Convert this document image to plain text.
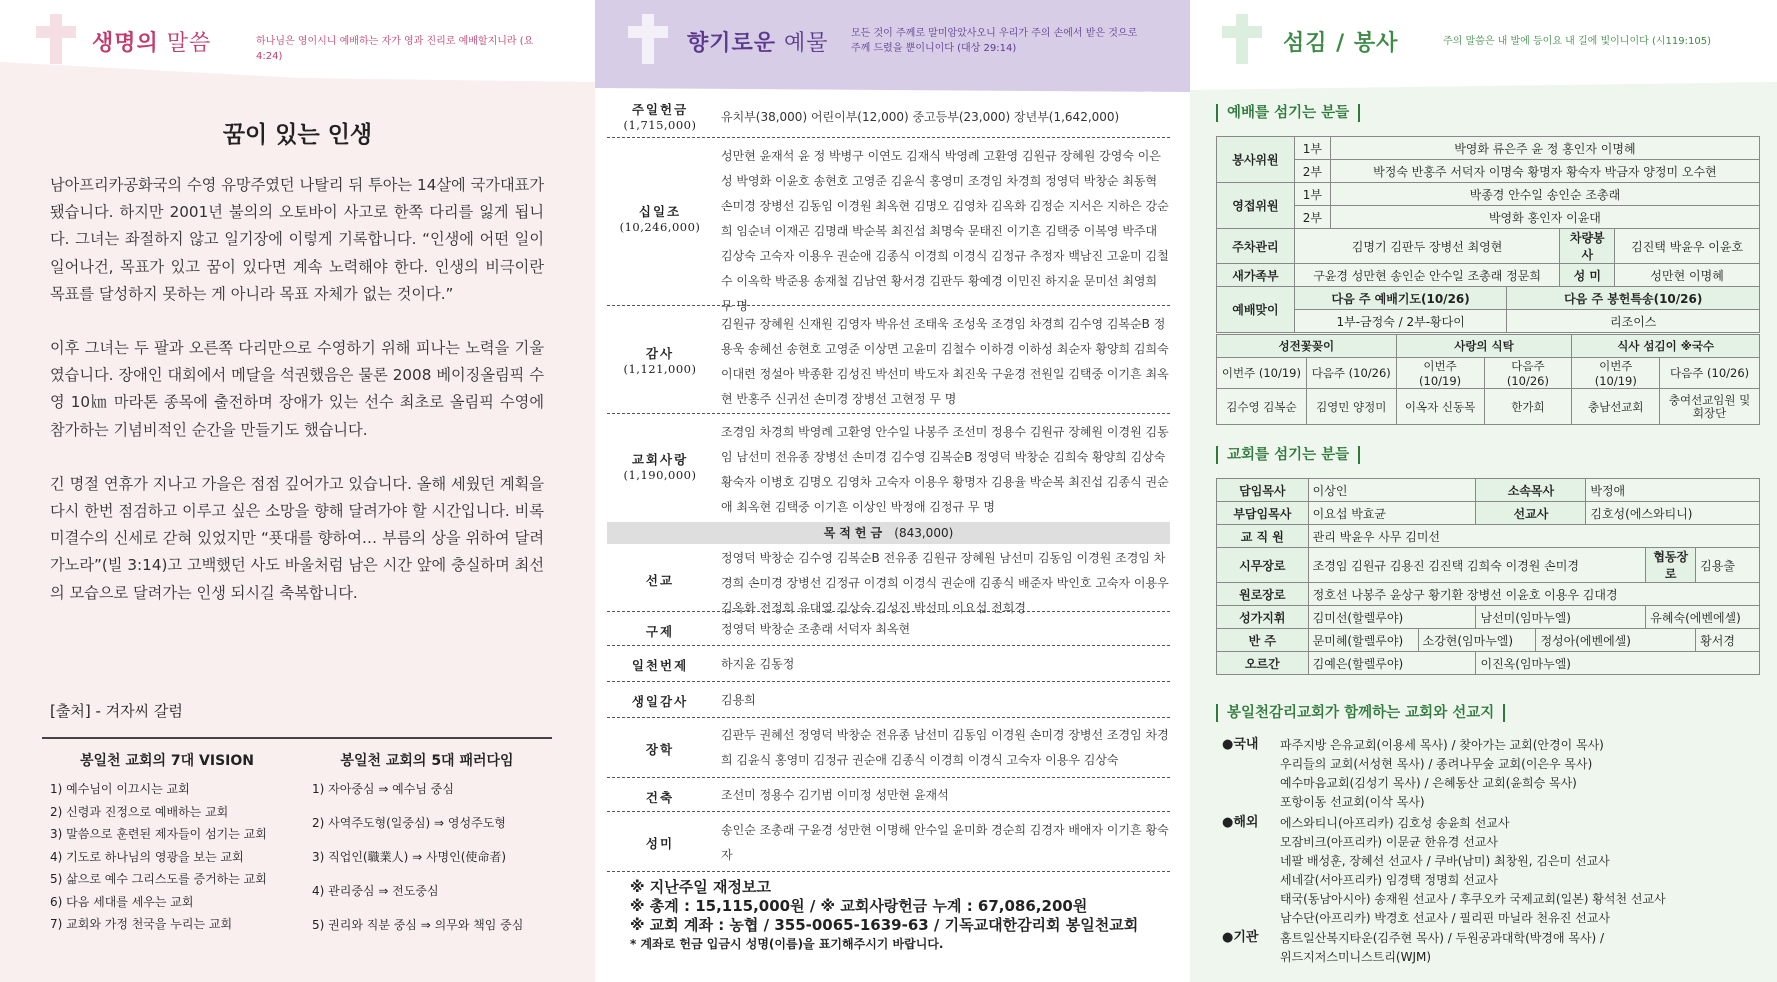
생명의 말씀	하나님은 영이시니 예배하는 자가 영과 진리로 예배할지니라 (요 4:24)
꿈이 있는 인생

남아프리카공화국의 수영 유망주였던 나탈리 뒤 투아는 14살에 국가대표가 됐습니다. 하지만 2001년 불의의 오토바이 사고로 한쪽 다리를 잃게 됩니다. 그녀는 좌절하지 않고 일기장에 이렇게 기록합니다. “인생에 어떤 일이 일어나건, 목표가 있고 꿈이 있다면 계속 노력해야 한다. 인생의 비극이란 목표를 달성하지 못하는 게 아니라 목표 자체가 없는 것이다.”

이후 그녀는 두 팔과 오른쪽 다리만으로 수영하기 위해 피나는 노력을 기울였습니다. 장애인 대회에서 메달을 석권했음은 물론 2008 베이징올림픽 수영 10㎞ 마라톤 종목에 출전하며 장애가 있는 선수 최초로 올림픽 수영에 참가하는 기념비적인 순간을 만들기도 했습니다.

긴 명절 연휴가 지나고 가을은 점점 깊어가고 있습니다. 올해 세웠던 계획을 다시 한번 점검하고 이루고 싶은 소망을 향해 달려가야 할 시간입니다. 비록 미결수의 신세로 갇혀 있었지만 “푯대를 향하여… 부름의 상을 위하여 달려가노라”(빌 3:14)고 고백했던 사도 바울처럼 남은 시간 앞에 충실하며 최선의 모습으로 달려가는 인생 되시길 축복합니다.

[출처] - 겨자씨 갈럼
봉일천 교회의 7대 VISION
1) 예수님이 이끄시는 교회
2) 신령과 진정으로 예배하는 교회
3) 말씀으로 훈련된 제자들이 섬기는 교회
4) 기도로 하나님의 영광을 보는 교회
5) 삶으로 예수 그리스도를 증거하는 교회
6) 다음 세대를 세우는 교회
7) 교회와 가정 천국을 누리는 교회
봉일천 교회의 5대 패러다임
1) 자아중심 ⇒ 예수님 중심
2) 사역주도형(일중심) ⇒ 영성주도형
3) 직업인(職業人) ⇒ 사명인(使命者)
4) 관리중심 ⇒ 전도중심
5) 권리와 직분 중심 ⇒ 의무와 책임 중심
향기로운 예물 모든 것이 주께로 말미암았사오니 우리가 주의 손에서 받은 것으로 주께 드렸을 뿐이니이다 (대상 29:14)
주일헌금
(1,715,000)
유치부(38,000) 어린이부(12,000) 중고등부(23,000) 장년부(1,642,000)
십일조
(10,246,000)
성만현 윤재석 윤 정 박병구 이연도 김재식 박영례 고환영 김원규 장혜원 강영숙 이은성 박영화 이윤호 송현호 고영준 김윤식 홍영미 조경임 차경희 정영덕 박창순 최동혁 손미경 장병선 김동임 이경원 최옥현 김명오 김영차 김옥화 김정순 지서은 지하은 강순희 임순녀 이재곤 김명래 박순복 최진섭 최명숙 문태진 이기흔 김택중 이복영 박주대 김상숙 고숙자 이용우 권순애 김종식 이경희 이경식 김정규 추정자 백남진 고윤미 김철수 이옥학 박준용 송재철 김남연 황서경 김판두 황예경 이민진 하지윤 문미선 최영희 무 명
감사
(1,121,000)
김원규 장혜원 신재원 김영자 박유선 조태욱 조성욱 조경임 차경희 김수영 김복순B 정용욱 송혜선 송현호 고영준 이상면 고윤미 김철수 이하경 이하성 최순자 황양희 김희숙 이대련 정설아 박종환 김성진 박선미 박도자 최진욱 구윤경 전원일 김택중 이기흔 최옥현 반홍주 신귀선 손미경 장병선 고현정 무 명
교회사랑
(1,190,000)
조경임 차경희 박영례 고환영 안수일 나봉주 조선미 정용수 김원규 장혜원 이경원 김동임 남선미 전유종 장병선 손미경 김수영 김복순B 정영덕 박창순 김희숙 황양희 김상숙 황숙자 이병호 김명오 김영차 고숙자 이용우 황명자 김용율 박순복 최진섭 김종식 권순애 최옥현 김택중 이기흔 이상인 박정애 김정규 무 명
목적헌금 (843,000)
선교
정영덕 박창순 김수영 김복순B 전유종 김원규 장혜원 남선미 김동임 이경원 조경임 차경희 손미경 장병선 김정규 이경희 이경식 권순애 김종식 배준자 박인호 고숙자 이용우 김옥화 전정희 유대열 김상숙 김성진 박선미 이요섭 전희경
구제	정영덕 박창순 조총래 서덕자 최옥현
일천번제	하지윤 김동정
생일감사	김용희
장학
김판두 권혜선 정영덕 박창순 전유종 남선미 김동임 이경원 손미경 장병선 조경임 차경희 김윤식 홍영미 김정규 권순애 김종식 이경희 이경식 고숙자 이용우 김상숙
건축	조선미 정용수 김기범 이미정 성만현 윤재석
성미
송인순 조총래 구윤경 성만현 이명해 안수일 윤미화 경순희 김경자 배애자 이기흔 황숙자
※ 지난주일 재정보고
※ 총계 : 15,115,000원 / ※ 교회사랑헌금 누계 : 67,086,200원
※ 교회 계좌 : 농협 / 355-0065-1639-63 / 기독교대한감리회 봉일천교회
* 계좌로 헌금 입금시 성명(이름)을 표기해주시기 바랍니다.
섬김 / 봉사	주의 말씀은 내 발에 등이요 내 길에 빛이니이다 (시119:105)
예배를 섬기는 분들
봉사위원	1부	박영화 류은주 윤 정 홍인자 이명혜			
	2부	박정숙 반홍주 서덕자 이명숙 황명자 황숙자 박금자 양정미 오수현			
영접위원	1부	박종경 안수일 송인순 조총래			
	2부	박영화 홍인자 이윤대			
주차관리	김명기 김판두 장병선 최영현			차량봉사	김진택 박윤우 이윤호
새가족부	구윤경 성만현 송인순 안수일 조총래 정문희			성 미	성만현 이명혜
예배맞이	다음 주 예배기도(10/26)		다음 주 봉헌특송(10/26)		
	1부-금정숙 / 2부-황다이		리조이스		
성전꽃꽂이		사랑의 식탁		식사 섬김이 ※국수	
이번주 (10/19)	다음주 (10/26)	이번주 (10/19)	다음주 (10/26)	이번주 (10/19)	다음주 (10/26)
김수영 김복순	김영민 양정미	이옥자 신동목	한가희	충남선교회	충여선교임원 및 회장단
교회를 섬기는 분들
담임목사	이상인		소속목사		박정애		
부담임목사	이요섭 박효균		선교사		김호성(에스와티니)		
교 직 원	관리 박윤우 사무 김미선						
시무장로	조경임 김원규 김용진 김진택 김희숙 이경원 손미경					협동장로	김용출
원로장로	정호선 나봉주 윤상구 황기환 장병선 이윤호 이용우 김대경						
성가지휘	김미선(할렐루야)		남선미(임마누엘)			유혜숙(에벤에셀)	
반 주	문미혜(할렐루야)	소강현(임마누엘)		정성아(에벤에셀)			황서경
오르간	김예은(할렐루야)		이진옥(임마누엘)				
봉일천감리교회가 함께하는 교회와 선교지
●국내 파주지방 은유교회(이용세 목사) / 찾아가는 교회(안경이 목사)
우리들의 교회(서성현 목사) / 종려나무숲 교회(이은우 목사)
예수마음교회(김성기 목사) / 은혜동산 교회(윤희승 목사)
포항이동 선교회(이삭 목사)
●해외 에스와티니(아프리카) 김호성 송윤희 선교사
모잠비크(아프리카) 이문균 한유경 선교사
네팔 배성훈, 장혜선 선교사 / 쿠바(남미) 최창원, 김은미 선교사
세네갈(서아프리카) 임경택 정명희 선교사
태국(동남아시아) 송재원 선교사 / 후쿠오카 국제교회(일본) 황석천 선교사
남수단(아프리카) 박경호 선교사 / 필리핀 마닐라 천유진 선교사
●기관 홈트일산복지타운(김주현 목사) / 두원공과대학(박경애 목사) /
위드지저스미니스트리(WJM)
